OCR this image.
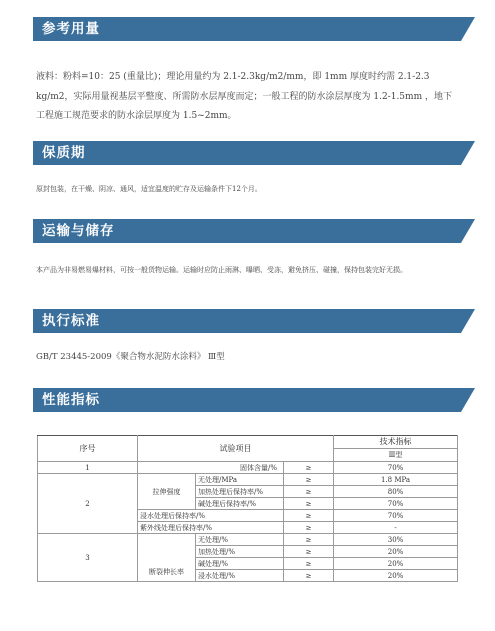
参考用量
液料：粉料=10：25 (重量比)；理论用量约为 2.1-2.3kg/m2/mm，即 1mm 厚度时约需 2.1-2.3 kg/m2，实际用量视基层平整度、所需防水层厚度而定；一般工程的防水涂层厚度为 1.2-1.5mm ，地下工程施工规范要求的防水涂层厚度为 1.5~2mm。
保质期
原封包装，在干燥、阴凉、通风，适宜温度的贮存及运输条件下12个月。
运输与储存
本产品为非易燃易爆材料，可按一般货物运输。运输时应防止雨淋、曝晒、受冻，避免挤压、碰撞，保持包装完好无损。
执行标准
GB/T 23445-2009《聚合物水泥防水涂料》 Ⅲ型
性能指标
序号	试验项目			技术指标
				Ⅲ型
1	固体含量/%		≥	70%
2	拉伸强度	无处理/MPa	≥	1.8 MPa
		加热处理后保持率/%	≥	80%
		碱处理后保持率/%	≥	70%
	浸水处理后保持率/%		≥	70%
	紫外线处理后保持率/%		≥	-
3	断裂伸长率	无处理/%	≥	30%
		加热处理/%	≥	20%
		碱处理/%	≥	20%
		浸水处理/%	≥	20%
